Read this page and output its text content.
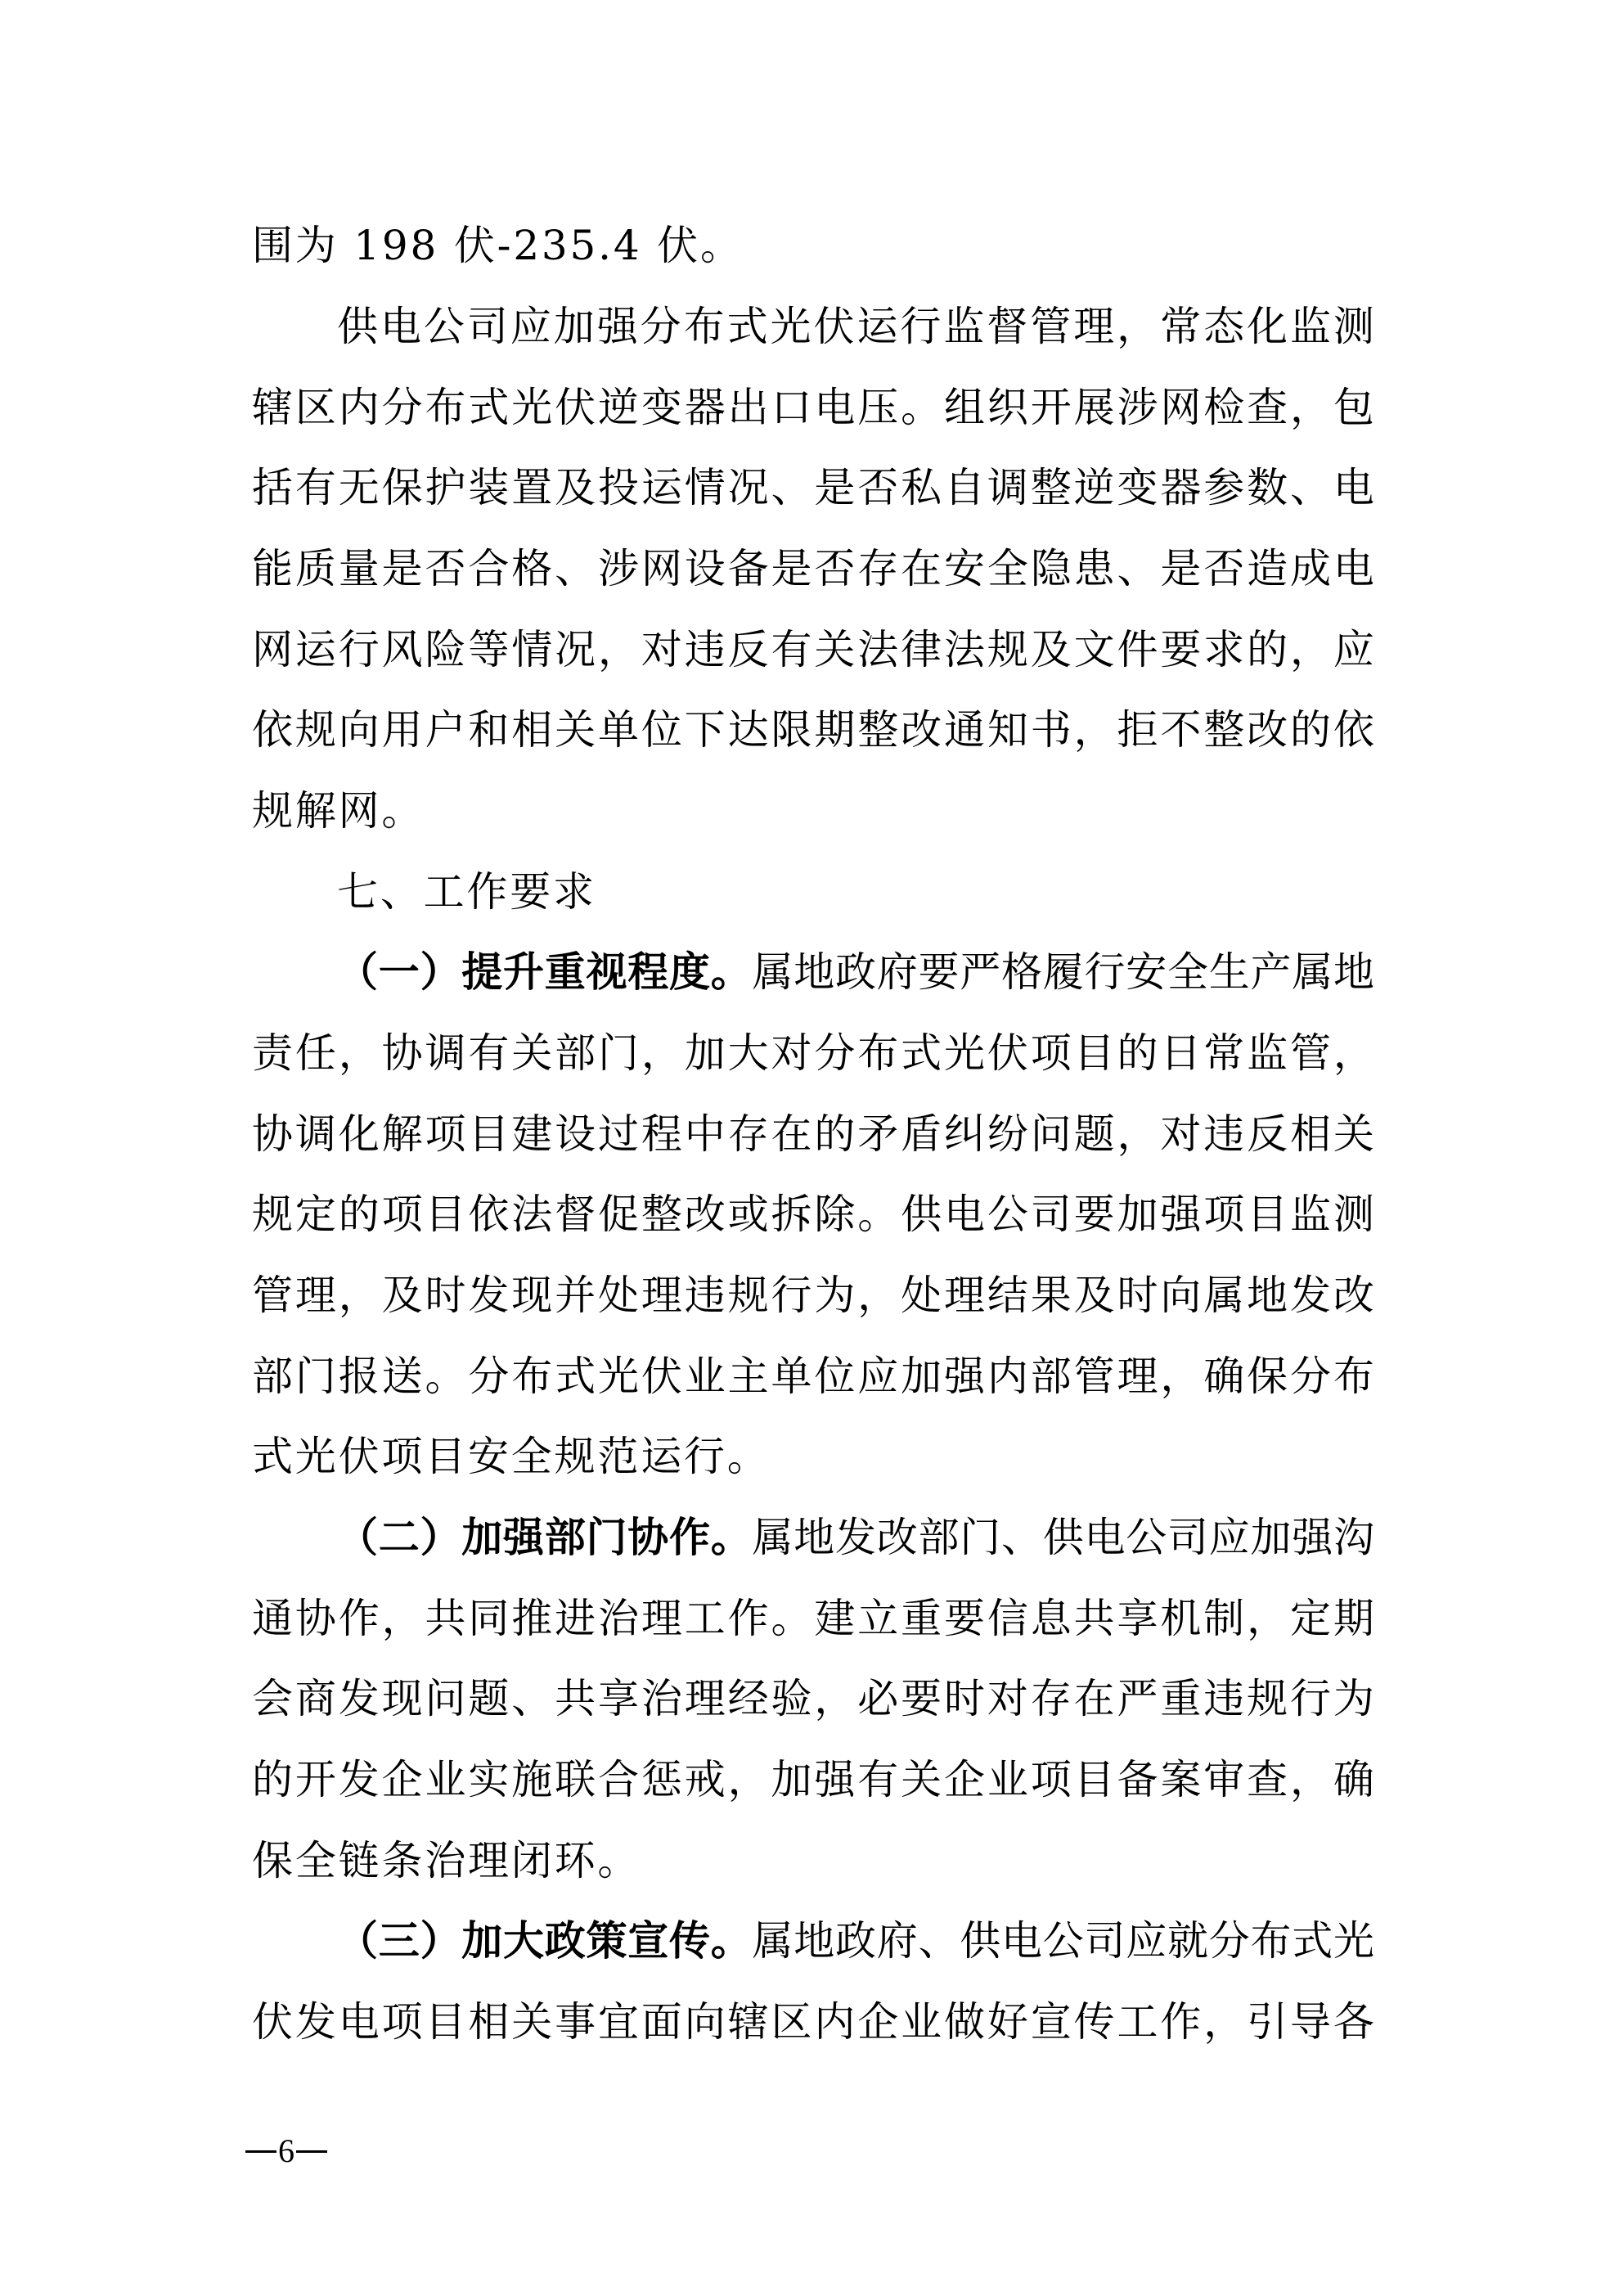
围为 198 伏-235.4 伏。
供 电 公 司 应 加 强 分 布 式 光 伏 运 行 监 督 管 理 ， 常 态 化 监 测
辖 区 内 分 布 式 光 伏 逆 变 器 出 口 电 压 。 组 织 开 展 涉 网 检 查 ， 包
括 有 无 保 护 装 置 及 投 运 情 况 、 是 否 私 自 调 整 逆 变 器 参 数 、 电
能 质 量 是 否 合 格 、 涉 网 设 备 是 否 存 在 安 全 隐 患 、 是 否 造 成 电
网 运 行 风 险 等 情 况 ， 对 违 反 有 关 法 律 法 规 及 文 件 要 求 的 ， 应
依 规 向 用 户 和 相 关 单 位 下 达 限 期 整 改 通 知 书 ， 拒 不 整 改 的 依
规解网。
七、工作要求
（ 一 ） 提 升 重 视 程 度 。 属 地 政 府 要 严 格 履 行 安 全 生 产 属 地
责 任 ， 协 调 有 关 部 门 ， 加 大 对 分 布 式 光 伏 项 目 的 日 常 监 管 ，
协 调 化 解 项 目 建 设 过 程 中 存 在 的 矛 盾 纠 纷 问 题 ， 对 违 反 相 关
规 定 的 项 目 依 法 督 促 整 改 或 拆 除 。 供 电 公 司 要 加 强 项 目 监 测
管 理 ， 及 时 发 现 并 处 理 违 规 行 为 ， 处 理 结 果 及 时 向 属 地 发 改
部 门 报 送 。 分 布 式 光 伏 业 主 单 位 应 加 强 内 部 管 理 ， 确 保 分 布
式光伏项目安全规范运行。
（ 二 ） 加 强 部 门 协 作 。 属 地 发 改 部 门 、 供 电 公 司 应 加 强 沟
通 协 作 ， 共 同 推 进 治 理 工 作 。 建 立 重 要 信 息 共 享 机 制 ， 定 期
会 商 发 现 问 题 、 共 享 治 理 经 验 ， 必 要 时 对 存 在 严 重 违 规 行 为
的 开 发 企 业 实 施 联 合 惩 戒 ， 加 强 有 关 企 业 项 目 备 案 审 查 ， 确
保全链条治理闭环。
（ 三 ） 加 大 政 策 宣 传 。 属 地 政 府 、 供 电 公 司 应 就 分 布 式 光
伏 发 电 项 目 相 关 事 宜 面 向 辖 区 内 企 业 做 好 宣 传 工 作 ， 引 导 各
6
